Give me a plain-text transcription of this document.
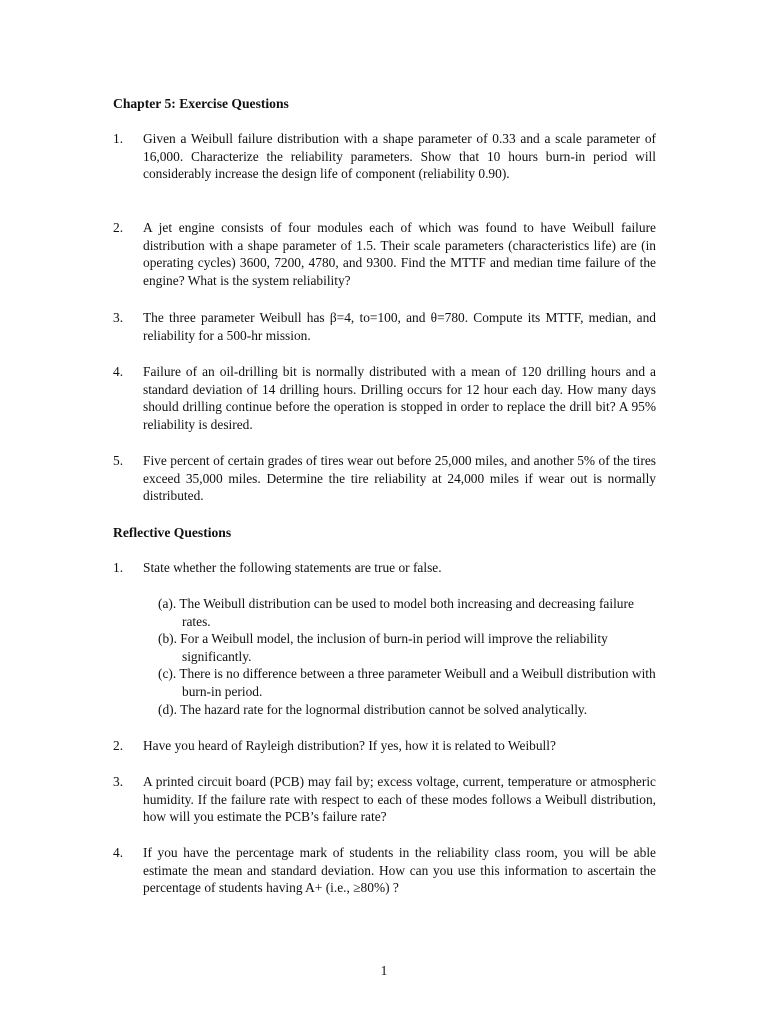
Chapter 5: Exercise Questions
1. Given a Weibull failure distribution with a shape parameter of 0.33 and a scale parameter of 16,000. Characterize the reliability parameters. Show that 10 hours burn-in period will considerably increase the design life of component (reliability 0.90).
2. A jet engine consists of four modules each of which was found to have Weibull failure distribution with a shape parameter of 1.5. Their scale parameters (characteristics life) are (in operating cycles) 3600, 7200, 4780, and 9300. Find the MTTF and median time failure of the engine? What is the system reliability?
3. The three parameter Weibull has β=4, to=100, and θ=780. Compute its MTTF, median, and reliability for a 500-hr mission.
4. Failure of an oil-drilling bit is normally distributed with a mean of 120 drilling hours and a standard deviation of 14 drilling hours. Drilling occurs for 12 hour each day. How many days should drilling continue before the operation is stopped in order to replace the drill bit? A 95% reliability is desired.
5. Five percent of certain grades of tires wear out before 25,000 miles, and another 5% of the tires exceed 35,000 miles. Determine the tire reliability at 24,000 miles if wear out is normally distributed.
Reflective Questions
1. State whether the following statements are true or false.
(a). The Weibull distribution can be used to model both increasing and decreasing failure rates.
(b). For a Weibull model, the inclusion of burn-in period will improve the reliability significantly.
(c). There is no difference between a three parameter Weibull and a Weibull distribution with burn-in period.
(d). The hazard rate for the lognormal distribution cannot be solved analytically.
2. Have you heard of Rayleigh distribution? If yes, how it is related to Weibull?
3. A printed circuit board (PCB) may fail by; excess voltage, current, temperature or atmospheric humidity. If the failure rate with respect to each of these modes follows a Weibull distribution, how will you estimate the PCB’s failure rate?
4. If you have the percentage mark of students in the reliability class room, you will be able estimate the mean and standard deviation. How can you use this information to ascertain the percentage of students having A+ (i.e., ≥80%) ?
1
